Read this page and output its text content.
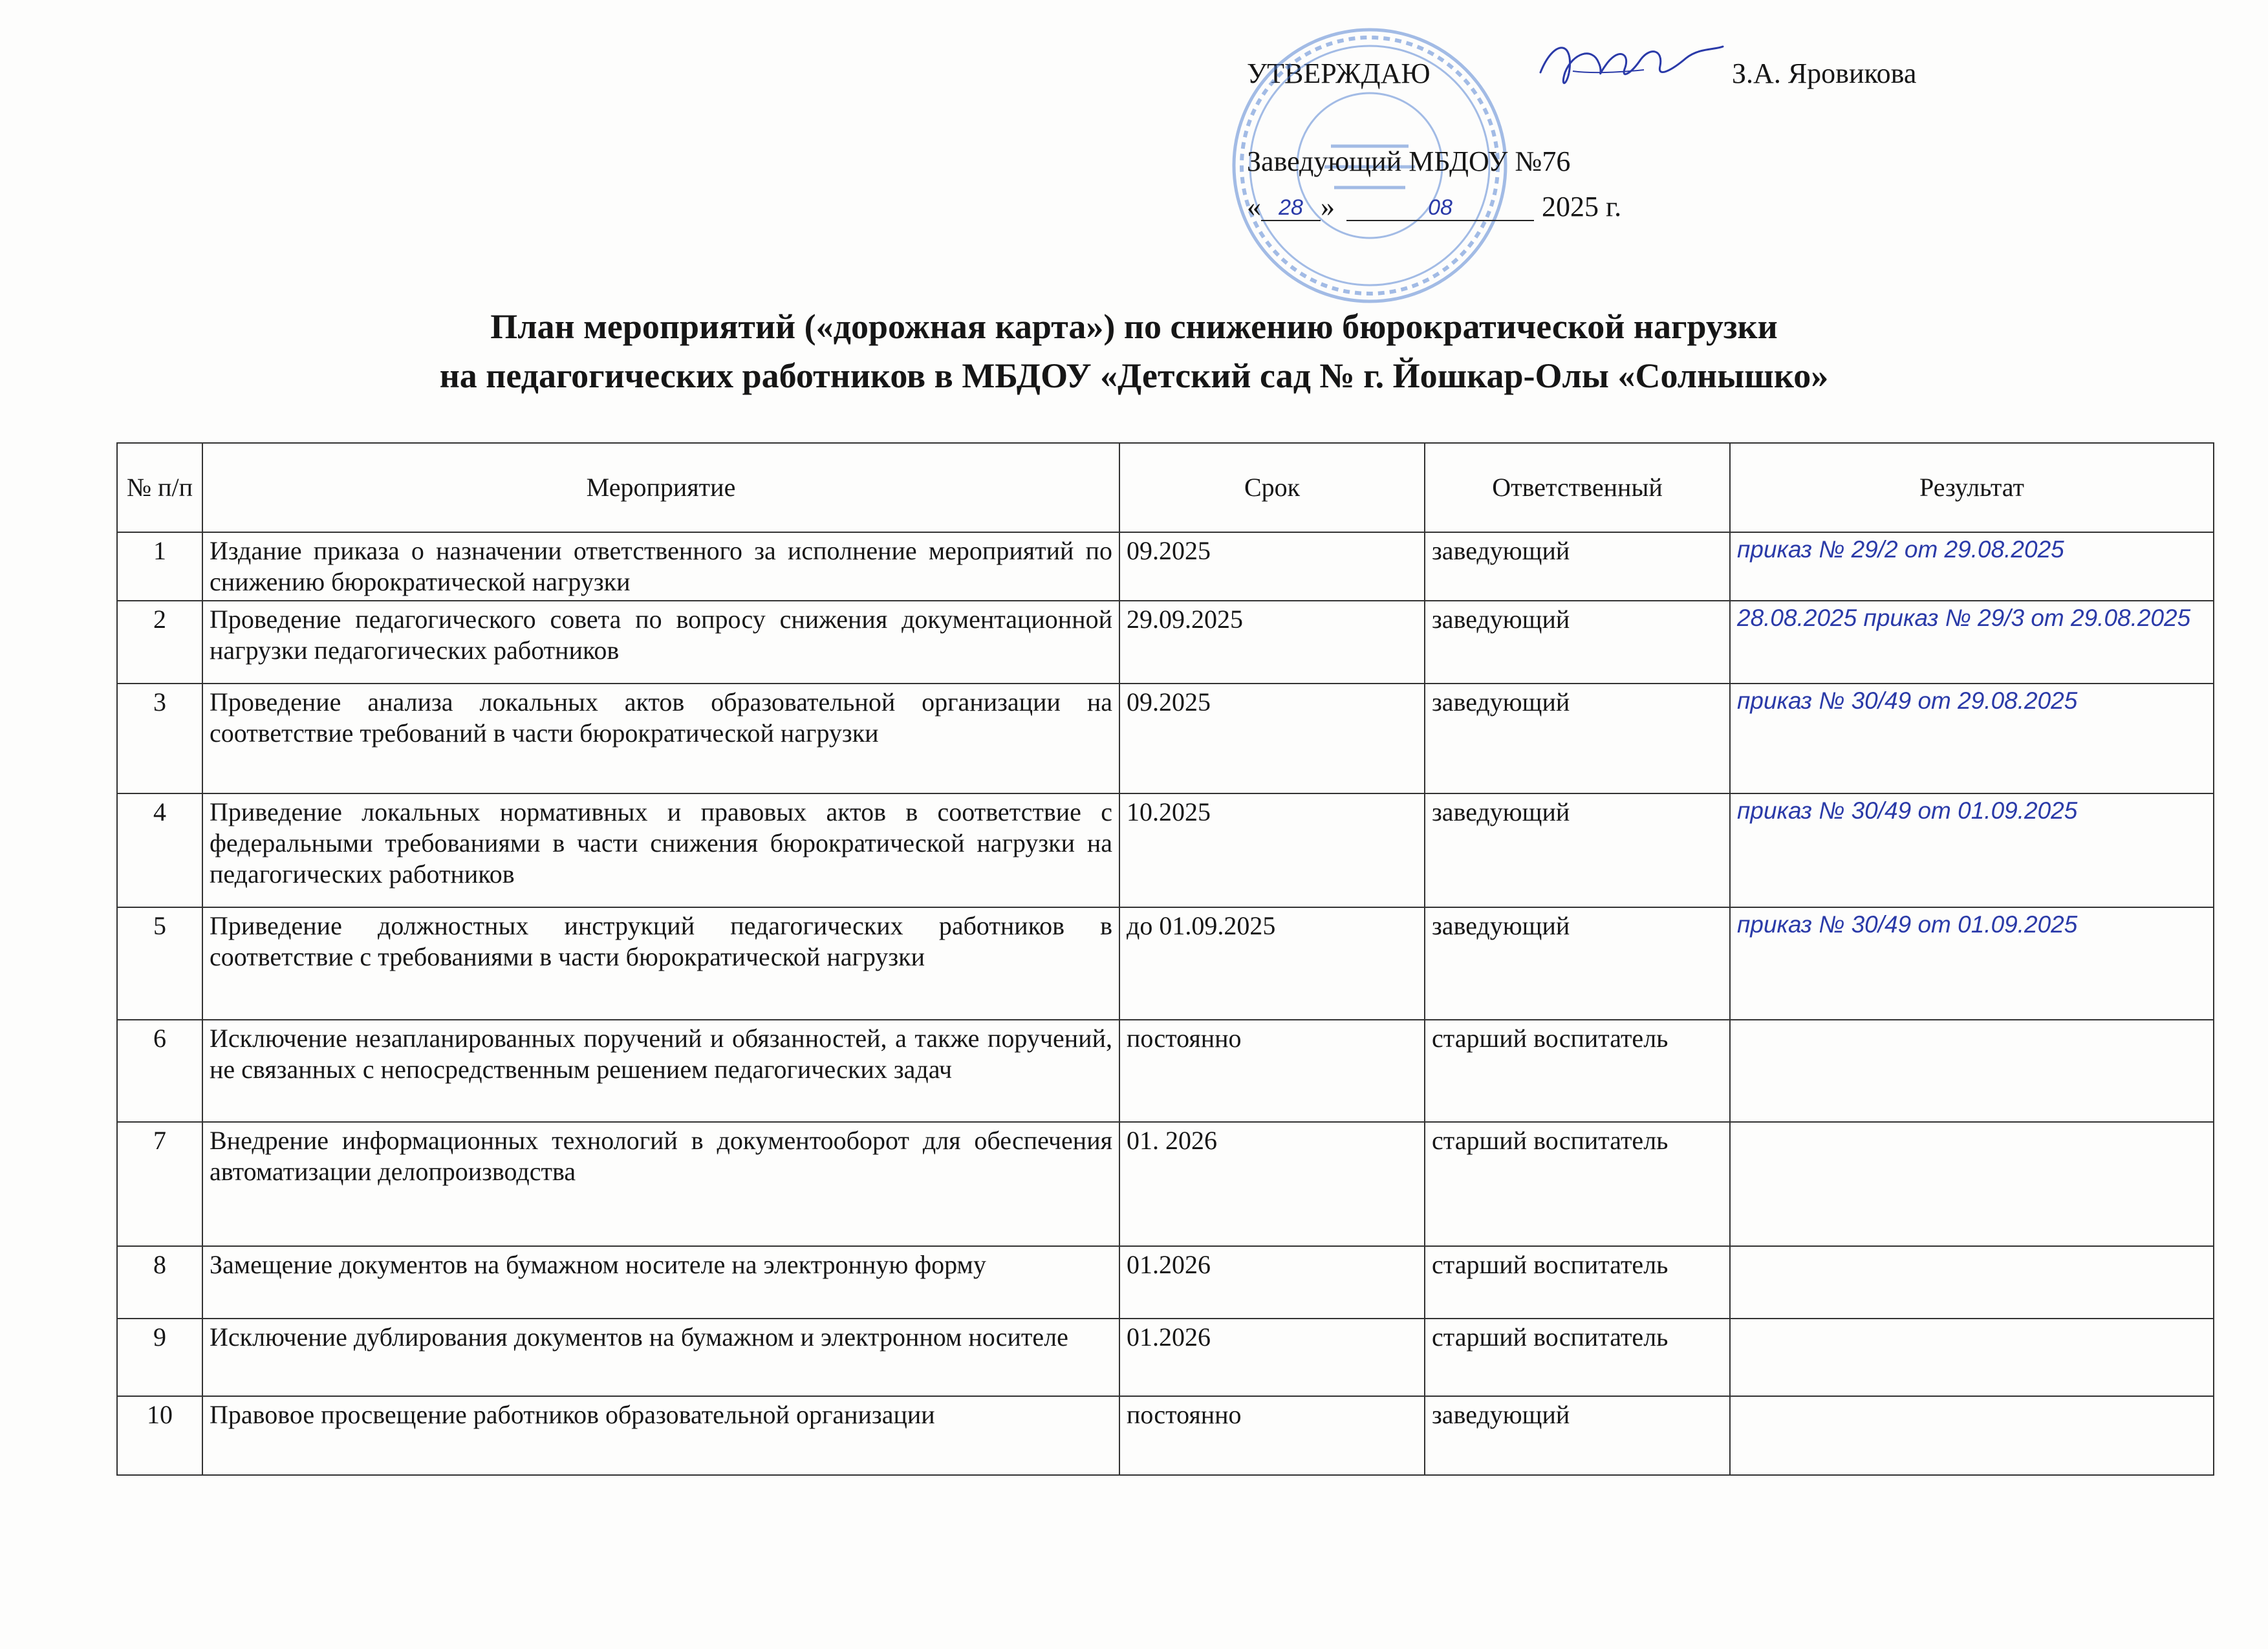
УТВЕРЖДАЮ	З.А. Яровикова
Заведующий МБДОУ №76
« 28 »	08	2025 г.
План мероприятий («дорожная карта») по снижению бюрократической нагрузки
на педагогических работников в МБДОУ «Детский сад № г. Йошкар-Олы «Солнышко»
№ п/п	Мероприятие	Срок	Ответственный	Результат
1	Издание приказа о назначении ответственного за исполнение мероприятий по снижению бюрократической нагрузки	09.2025	заведующий	приказ № 29/2 от 29.08.2025
2	Проведение педагогического совета по вопросу снижения документационной нагрузки педагогических работников	29.09.2025	заведующий	28.08.2025 приказ № 29/3 от 29.08.2025
3	Проведение анализа локальных актов образовательной организации на соответствие требований в части бюрократической нагрузки	09.2025	заведующий	приказ № 30/49 от 29.08.2025
4	Приведение локальных нормативных и правовых актов в соответствие с федеральными требованиями в части снижения бюрократической нагрузки на педагогических работников	10.2025	заведующий	приказ № 30/49 от 01.09.2025
5	Приведение должностных инструкций педагогических работников в соответствие с требованиями в части бюрократической нагрузки	до 01.09.2025	заведующий	приказ № 30/49 от 01.09.2025
6	Исключение незапланированных поручений и обязанностей, а также поручений, не связанных с непосредственным решением педагогических задач	постоянно	старший воспитатель	
7	Внедрение информационных технологий в документооборот для обеспечения автоматизации делопроизводства	01. 2026	старший воспитатель	
8	Замещение документов на бумажном носителе на электронную форму	01.2026	старший воспитатель	
9	Исключение дублирования документов на бумажном и электронном носителе	01.2026	старший воспитатель	
10	Правовое просвещение работников образовательной организации	постоянно	заведующий	
